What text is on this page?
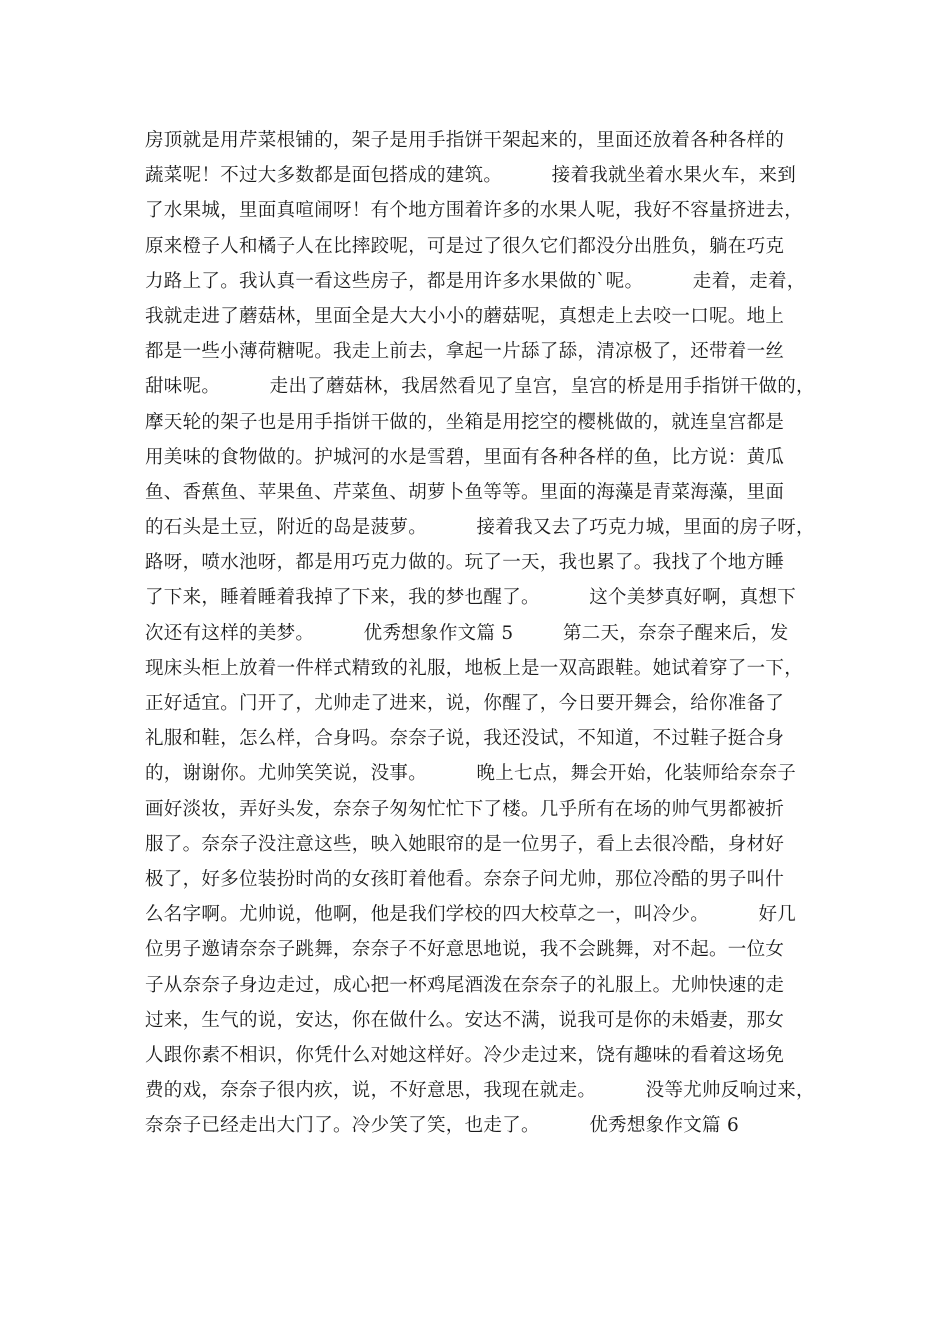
房顶就是用芹菜根铺的，架子是用手指饼干架起来的，里面还放着各种各样的
蔬菜呢！不过大多数都是面包搭成的建筑。        接着我就坐着水果火车，来到
了水果城，里面真喧闹呀！有个地方围着许多的水果人呢，我好不容量挤进去，
原来橙子人和橘子人在比摔跤呢，可是过了很久它们都没分出胜负，躺在巧克
力路上了。我认真一看这些房子，都是用许多水果做的`呢。        走着，走着，
我就走进了蘑菇林，里面全是大大小小的蘑菇呢，真想走上去咬一口呢。地上
都是一些小薄荷糖呢。我走上前去，拿起一片舔了舔，清凉极了，还带着一丝
甜味呢。        走出了蘑菇林，我居然看见了皇宫，皇宫的桥是用手指饼干做的，
摩天轮的架子也是用手指饼干做的，坐箱是用挖空的樱桃做的，就连皇宫都是
用美味的食物做的。护城河的水是雪碧，里面有各种各样的鱼，比方说：黄瓜
鱼、香蕉鱼、苹果鱼、芹菜鱼、胡萝卜鱼等等。里面的海藻是青菜海藻，里面
的石头是土豆，附近的岛是菠萝。        接着我又去了巧克力城，里面的房子呀，
路呀，喷水池呀，都是用巧克力做的。玩了一天，我也累了。我找了个地方睡
了下来，睡着睡着我掉了下来，我的梦也醒了。        这个美梦真好啊，真想下
次还有这样的美梦。        优秀想象作文篇 5        第二天，奈奈子醒来后，发
现床头柜上放着一件样式精致的礼服，地板上是一双高跟鞋。她试着穿了一下，
正好适宜。门开了，尤帅走了进来，说，你醒了，今日要开舞会，给你准备了
礼服和鞋，怎么样，合身吗。奈奈子说，我还没试，不知道，不过鞋子挺合身
的，谢谢你。尤帅笑笑说，没事。        晚上七点，舞会开始，化装师给奈奈子
画好淡妆，弄好头发，奈奈子匆匆忙忙下了楼。几乎所有在场的帅气男都被折
服了。奈奈子没注意这些，映入她眼帘的是一位男子，看上去很冷酷，身材好
极了，好多位装扮时尚的女孩盯着他看。奈奈子问尤帅，那位冷酷的男子叫什
么名字啊。尤帅说，他啊，他是我们学校的四大校草之一，叫冷少。        好几
位男子邀请奈奈子跳舞，奈奈子不好意思地说，我不会跳舞，对不起。一位女
子从奈奈子身边走过，成心把一杯鸡尾酒泼在奈奈子的礼服上。尤帅快速的走
过来，生气的说，安达，你在做什么。安达不满，说我可是你的未婚妻，那女
人跟你素不相识，你凭什么对她这样好。冷少走过来，饶有趣味的看着这场免
费的戏，奈奈子很内疚，说，不好意思，我现在就走。        没等尤帅反响过来，
奈奈子已经走出大门了。冷少笑了笑，也走了。        优秀想象作文篇 6
